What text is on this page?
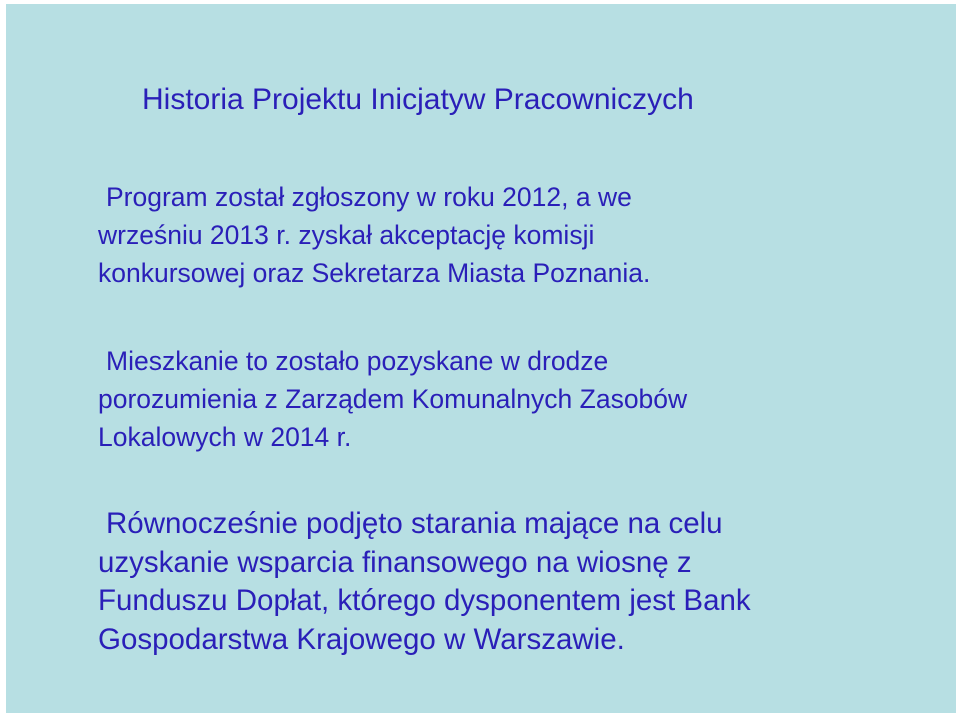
Historia Projektu Inicjatyw Pracowniczych

Program został zgłoszony w roku 2012, a we
wrześniu 2013 r. zyskał akceptację komisji
konkursowej oraz Sekretarza Miasta Poznania.

Mieszkanie to zostało pozyskane w drodze
porozumienia z Zarządem Komunalnych Zasobów
Lokalowych w 2014 r.

Równocześnie podjęto starania mające na celu
uzyskanie wsparcia finansowego na wiosnę z
Funduszu Dopłat, którego dysponentem jest Bank
Gospodarstwa Krajowego w Warszawie.
